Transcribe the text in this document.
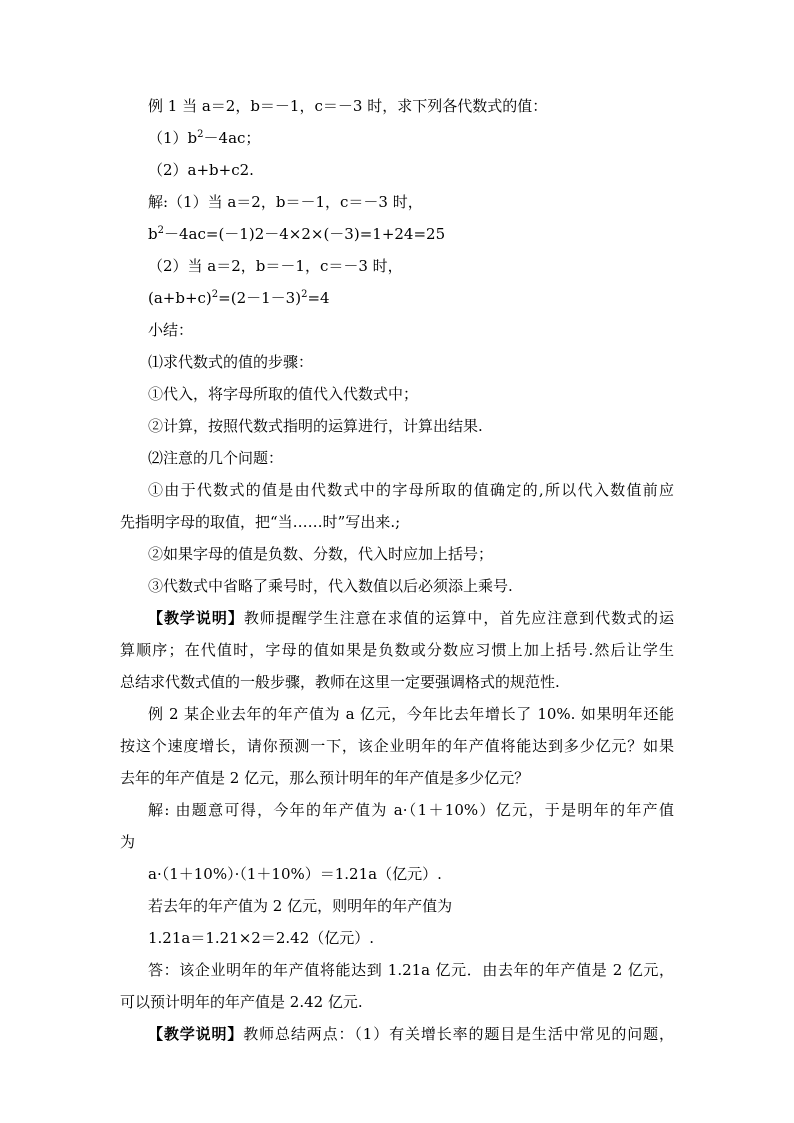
例 1 当 a＝2，b＝－1，c＝－3 时，求下列各代数式的值：
$(1)b^2-4ac$；
（2）a+b+c2.
解:（1）当 a＝2，b＝－1，c＝－3 时，
$b^2-4ac=(-1)2-4\times 2\times(-3)=1+24=25$
（2）当 a＝2，b＝－1，c＝－3 时，
$(a+b+c)^2=(2-1-3)^2=4$
小结：
⑴求代数式的值的步骤：
①代入，将字母所取的值代入代数式中；
②计算，按照代数式指明的运算进行，计算出结果.
⑵注意的几个问题：
①由于代数式的值是由代数式中的字母所取的值确定的,所以代入数值前应
先指明字母的取值，把“当……时”写出来.;
②如果字母的值是负数、分数，代入时应加上括号；
③代数式中省略了乘号时，代入数值以后必须添上乘号.
【教学说明】教师提醒学生注意在求值的运算中，首先应注意到代数式的运
算顺序；在代值时，字母的值如果是负数或分数应习惯上加上括号.然后让学生
总结求代数式值的一般步骤，教师在这里一定要强调格式的规范性.
例 2 某企业去年的年产值为 a 亿元，今年比去年增长了 10%. 如果明年还能
按这个速度增长，请你预测一下，该企业明年的年产值将能达到多少亿元？如果
去年的年产值是 2 亿元，那么预计明年的年产值是多少亿元？
解: 由题意可得，今年的年产值为 a·（1＋10%）亿元，于是明年的年产值
为
a·（1＋10%）·（1＋10%）＝1.21a（亿元）.
若去年的年产值为 2 亿元，则明年的年产值为
1.21a＝1.21×2＝2.42（亿元）.
答：该企业明年的年产值将能达到 1.21a 亿元．由去年的年产值是 2 亿元，
可以预计明年的年产值是 2.42 亿元.
【教学说明】教师总结两点：（1）有关增长率的题目是生活中常见的问题，
